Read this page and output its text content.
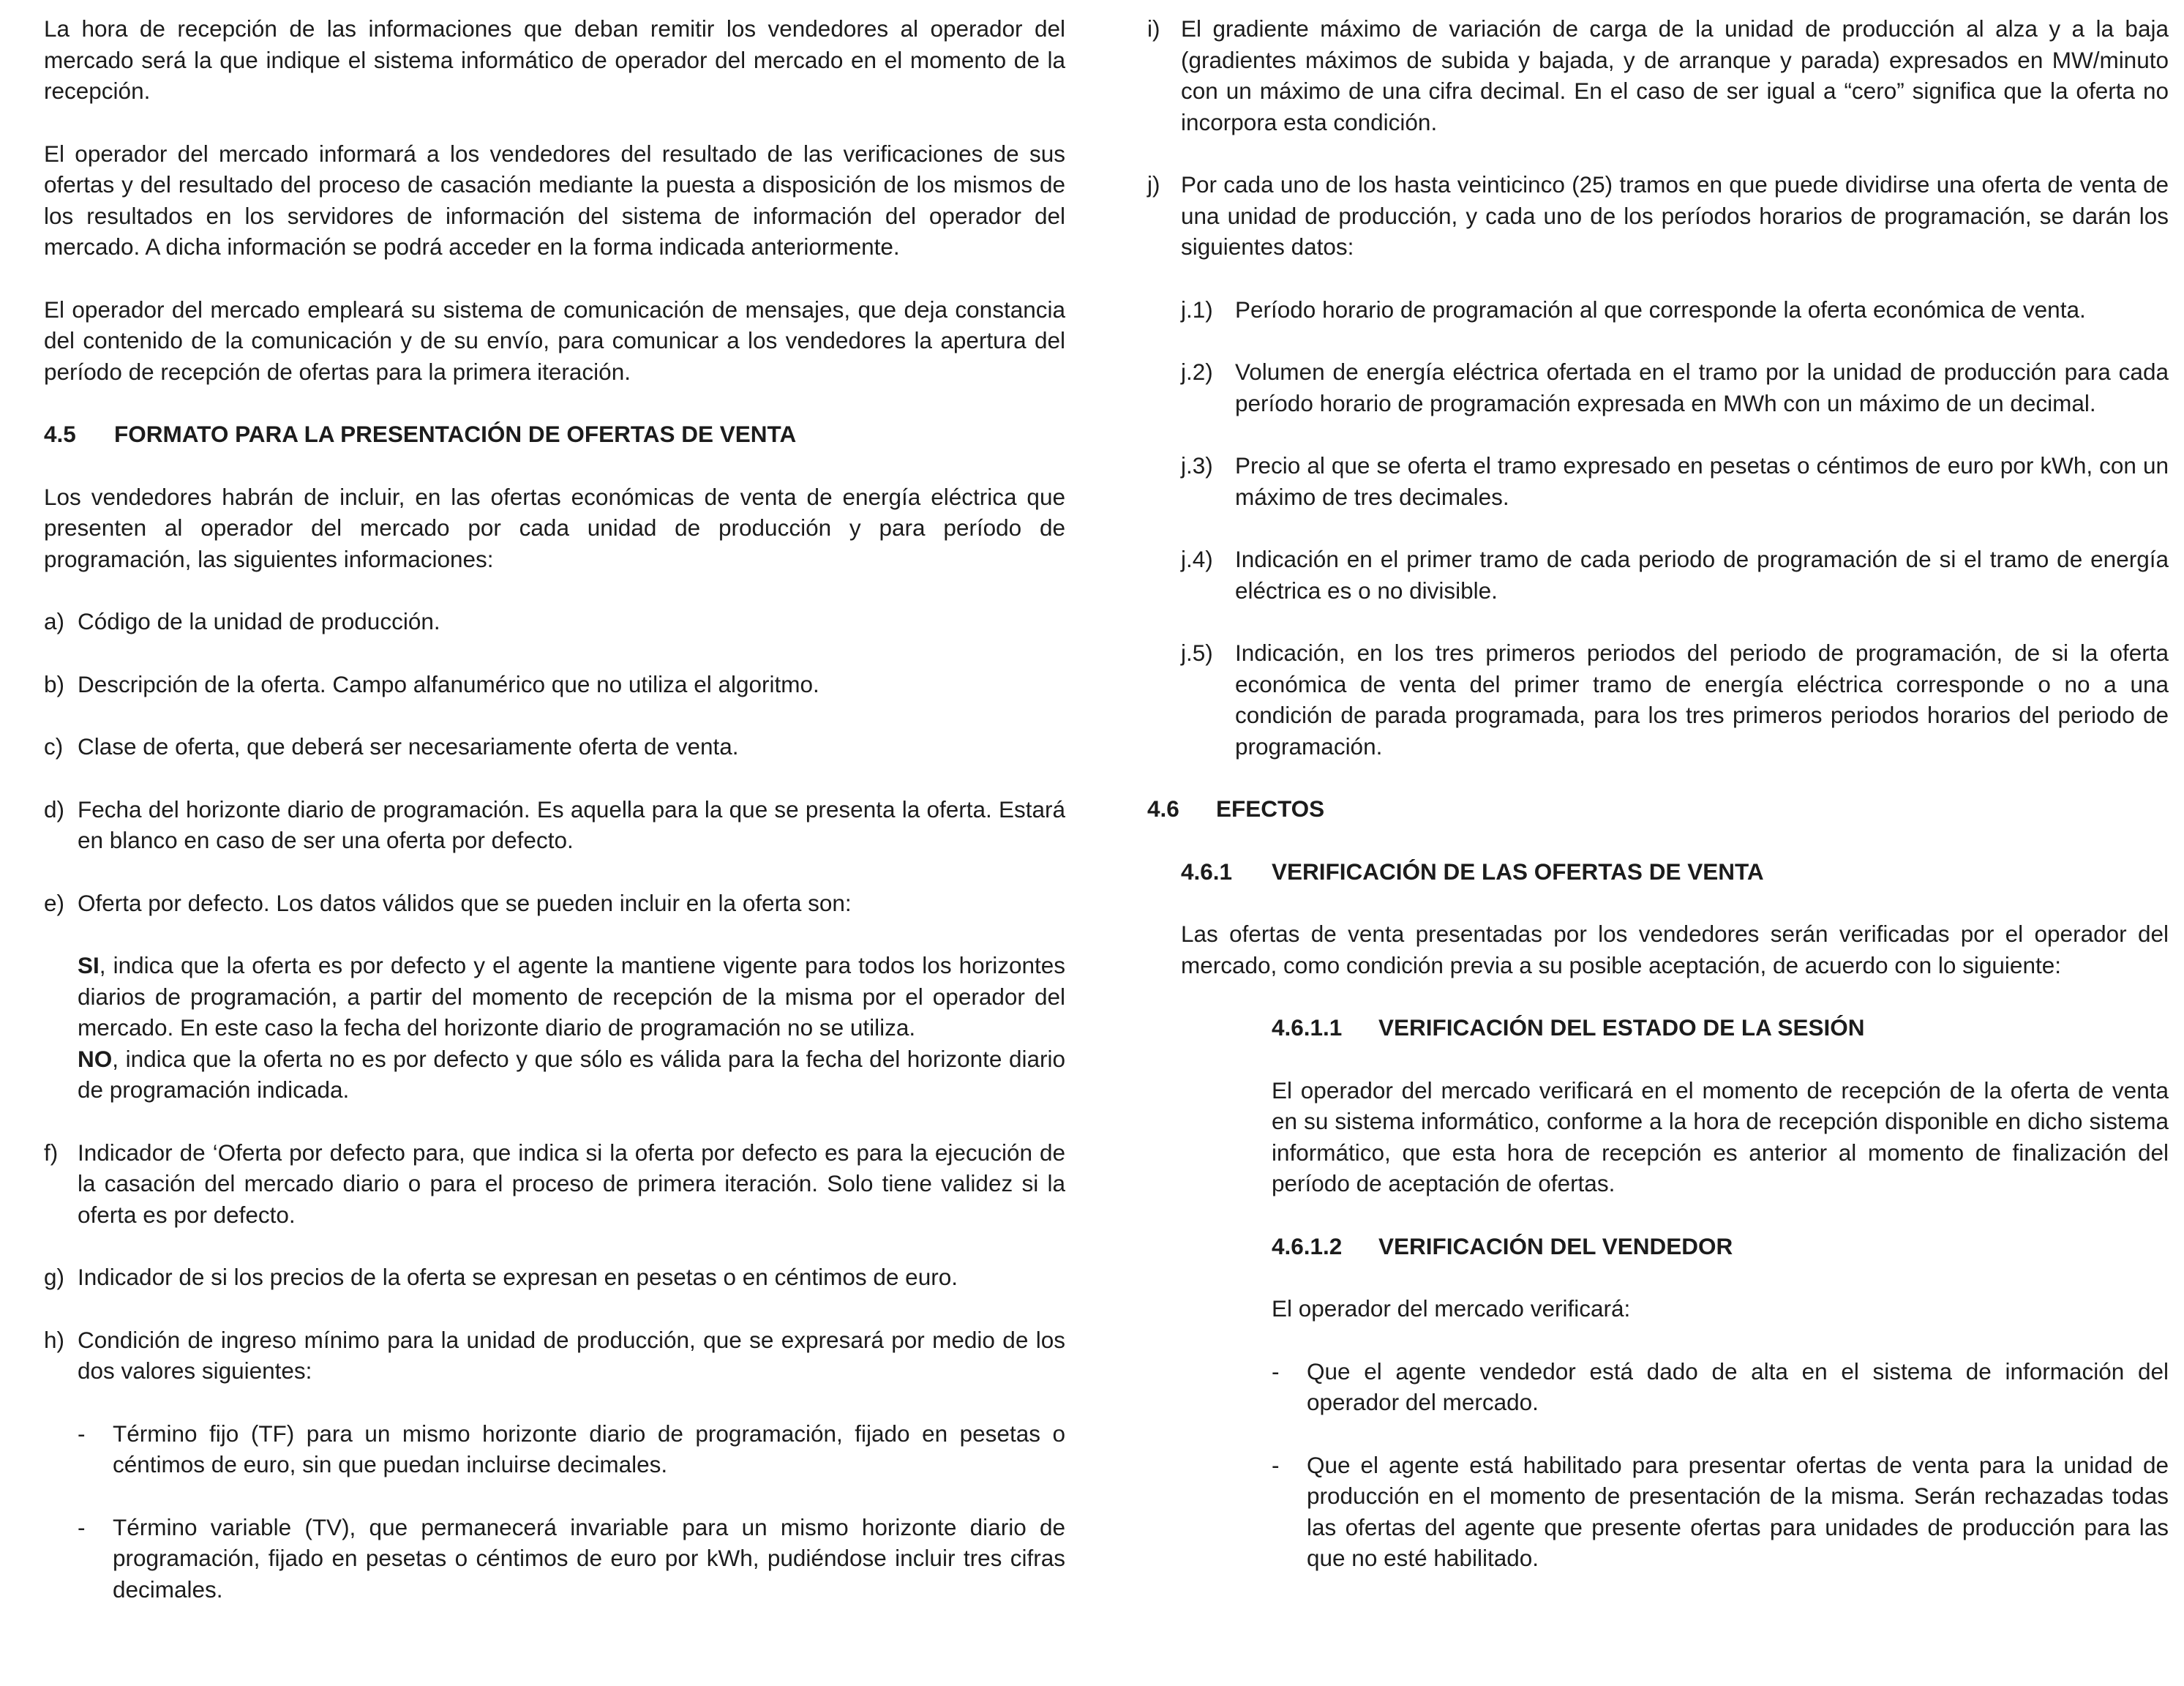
La hora de recepción de las informaciones que deban remitir los vendedores al operador del mercado será la que indique el sistema informático de operador del mercado en el momento de la recepción.

El operador del mercado informará a los vendedores del resultado de las verificaciones de sus ofertas y del resultado del proceso de casación mediante la puesta a disposición de los mismos de los resultados en los servidores de información del sistema de información del operador del mercado. A dicha información se podrá acceder en la forma indicada anteriormente.

El operador del mercado empleará su sistema de comunicación de mensajes, que deja constancia del contenido de la comunicación y de su envío, para comunicar a los vendedores la apertura del período de recepción de ofertas para la primera iteración.

4.5	FORMATO PARA LA PRESENTACIÓN DE OFERTAS DE VENTA

Los vendedores habrán de incluir, en las ofertas económicas de venta de energía eléctrica que presenten al operador del mercado por cada unidad de producción y para período de programación, las siguientes informaciones:

a) Código de la unidad de producción.
b) Descripción de la oferta. Campo alfanumérico que no utiliza el algoritmo.
c) Clase de oferta, que deberá ser necesariamente oferta de venta.
d) Fecha del horizonte diario de programación. Es aquella para la que se presenta la oferta. Estará en blanco en caso de ser una oferta por defecto.
e) Oferta por defecto. Los datos válidos que se pueden incluir en la oferta son:

SI, indica que la oferta es por defecto y el agente la mantiene vigente para todos los horizontes diarios de programación, a partir del momento de recepción de la misma por el operador del mercado. En este caso la fecha del horizonte diario de programación no se utiliza.

NO, indica que la oferta no es por defecto y que sólo es válida para la fecha del horizonte diario de programación indicada.

f) Indicador de ‘Oferta por defecto para, que indica si la oferta por defecto es para la ejecución de la casación del mercado diario o para el proceso de primera iteración. Solo tiene validez si la oferta es por defecto.
g) Indicador de si los precios de la oferta se expresan en pesetas o en céntimos de euro.
h) Condición de ingreso mínimo para la unidad de producción, que se expresará por medio de los dos valores siguientes:
-	Término fijo (TF) para un mismo horizonte diario de programación, fijado en pesetas o céntimos de euro, sin que puedan incluirse decimales.
-	Término variable (TV), que permanecerá invariable para un mismo horizonte diario de programación, fijado en pesetas o céntimos de euro por kWh, pudiéndose incluir tres cifras decimales.
i) El gradiente máximo de variación de carga de la unidad de producción al alza y a la baja (gradientes máximos de subida y bajada, y de arranque y parada) expresados en MW/minuto con un máximo de una cifra decimal. En el caso de ser igual a “cero” significa que la oferta no incorpora esta condición.
j) Por cada uno de los hasta veinticinco (25) tramos en que puede dividirse una oferta de venta de una unidad de producción, y cada uno de los períodos horarios de programación, se darán los siguientes datos:
j.1) Período horario de programación al que corresponde la oferta económica de venta.
j.2) Volumen de energía eléctrica ofertada en el tramo por la unidad de producción para cada período horario de programación expresada en MWh con un máximo de un decimal.
j.3) Precio al que se oferta el tramo expresado en pesetas o céntimos de euro por kWh, con un máximo de tres decimales.
j.4) Indicación en el primer tramo de cada periodo de programación de si el tramo de energía eléctrica es o no divisible.
j.5) Indicación, en los tres primeros periodos del periodo de programación, de si la oferta económica de venta del primer tramo de energía eléctrica corresponde o no a una condición de parada programada, para los tres primeros periodos horarios del periodo de programación.
4.6	EFECTOS
4.6.1	VERIFICACIÓN DE LAS OFERTAS DE VENTA

Las ofertas de venta presentadas por los vendedores serán verificadas por el operador del mercado, como condición previa a su posible aceptación, de acuerdo con lo siguiente:

4.6.1.1	VERIFICACIÓN DEL ESTADO DE LA SESIÓN

El operador del mercado verificará en el momento de recepción de la oferta de venta en su sistema informático, conforme a la hora de recepción disponible en dicho sistema informático, que esta hora de recepción es anterior al momento de finalización del período de aceptación de ofertas.

4.6.1.2	VERIFICACIÓN DEL VENDEDOR

El operador del mercado verificará:

-	Que el agente vendedor está dado de alta en el sistema de información del operador del mercado.
-	Que el agente está habilitado para presentar ofertas de venta para la unidad de producción en el momento de presentación de la misma. Serán rechazadas todas las ofertas del agente que presente ofertas para unidades de producción para las que no esté habilitado.
